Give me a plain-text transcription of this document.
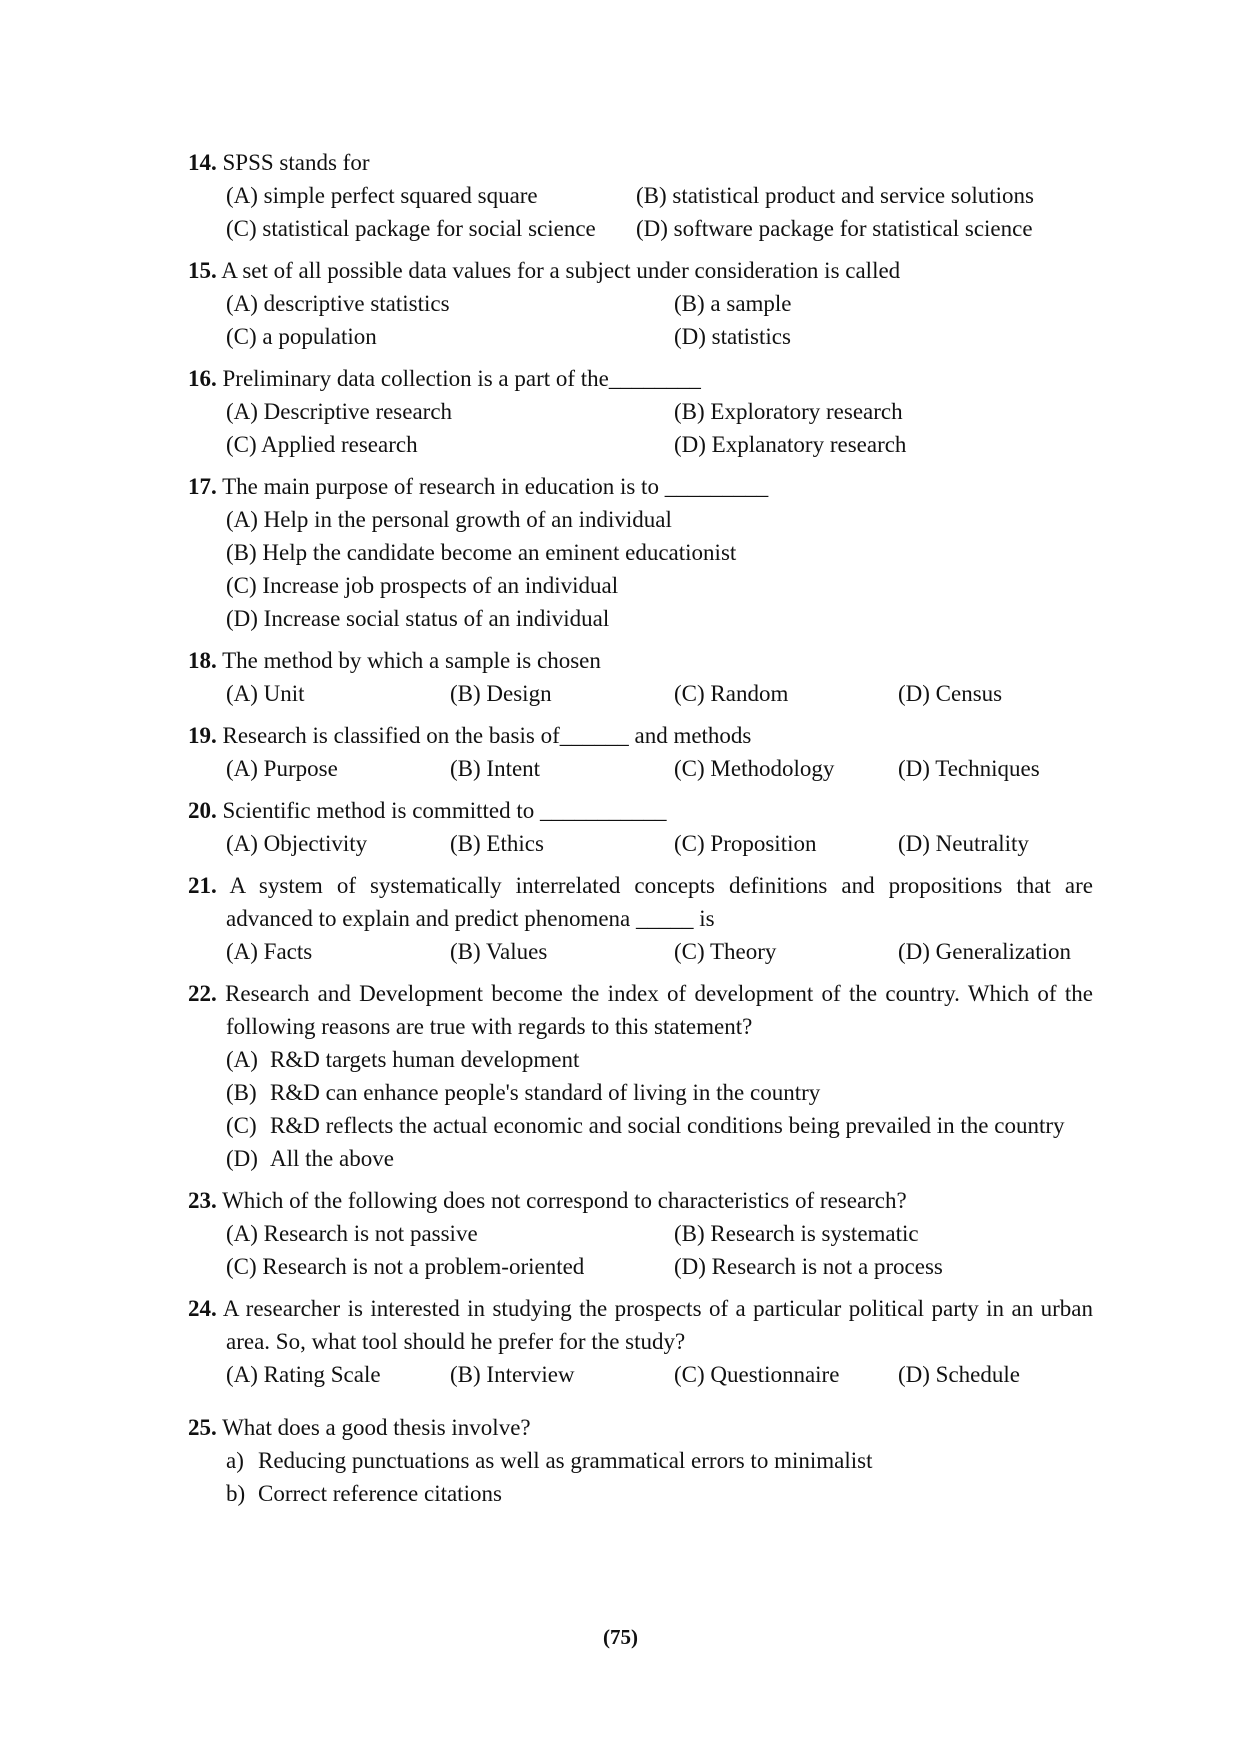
14. SPSS stands for
(A) simple perfect squared square	(B) statistical product and service solutions
(C) statistical package for social science	(D) software package for statistical science
15. A set of all possible data values for a subject under consideration is called
(A) descriptive statistics	(B) a sample
(C) a population	(D) statistics
16. Preliminary data collection is a part of the________
(A) Descriptive research	(B) Exploratory research
(C) Applied research	(D) Explanatory research
17. The main purpose of research in education is to _________
(A) Help in the personal growth of an individual
(B) Help the candidate become an eminent educationist
(C) Increase job prospects of an individual
(D) Increase social status of an individual
18. The method by which a sample is chosen
(A) Unit	(B) Design	(C) Random	(D) Census
19. Research is classified on the basis of______ and methods
(A) Purpose	(B) Intent	(C) Methodology	(D) Techniques
20. Scientific method is committed to ___________
(A) Objectivity	(B) Ethics	(C) Proposition	(D) Neutrality
21. A system of systematically interrelated concepts definitions and propositions that are advanced to explain and predict phenomena _____ is
(A) Facts	(B) Values	(C) Theory	(D) Generalization
22. Research and Development become the index of development of the country. Which of the following reasons are true with regards to this statement?
(A) R&D targets human development
(B) R&D can enhance people's standard of living in the country
(C) R&D reflects the actual economic and social conditions being prevailed in the country
(D) All the above
23. Which of the following does not correspond to characteristics of research?
(A) Research is not passive	(B) Research is systematic
(C) Research is not a problem-oriented	(D) Research is not a process
24. A researcher is interested in studying the prospects of a particular political party in an urban area. So, what tool should he prefer for the study?
(A) Rating Scale	(B) Interview	(C) Questionnaire	(D) Schedule
25. What does a good thesis involve?
a) Reducing punctuations as well as grammatical errors to minimalist
b) Correct reference citations
(75)
